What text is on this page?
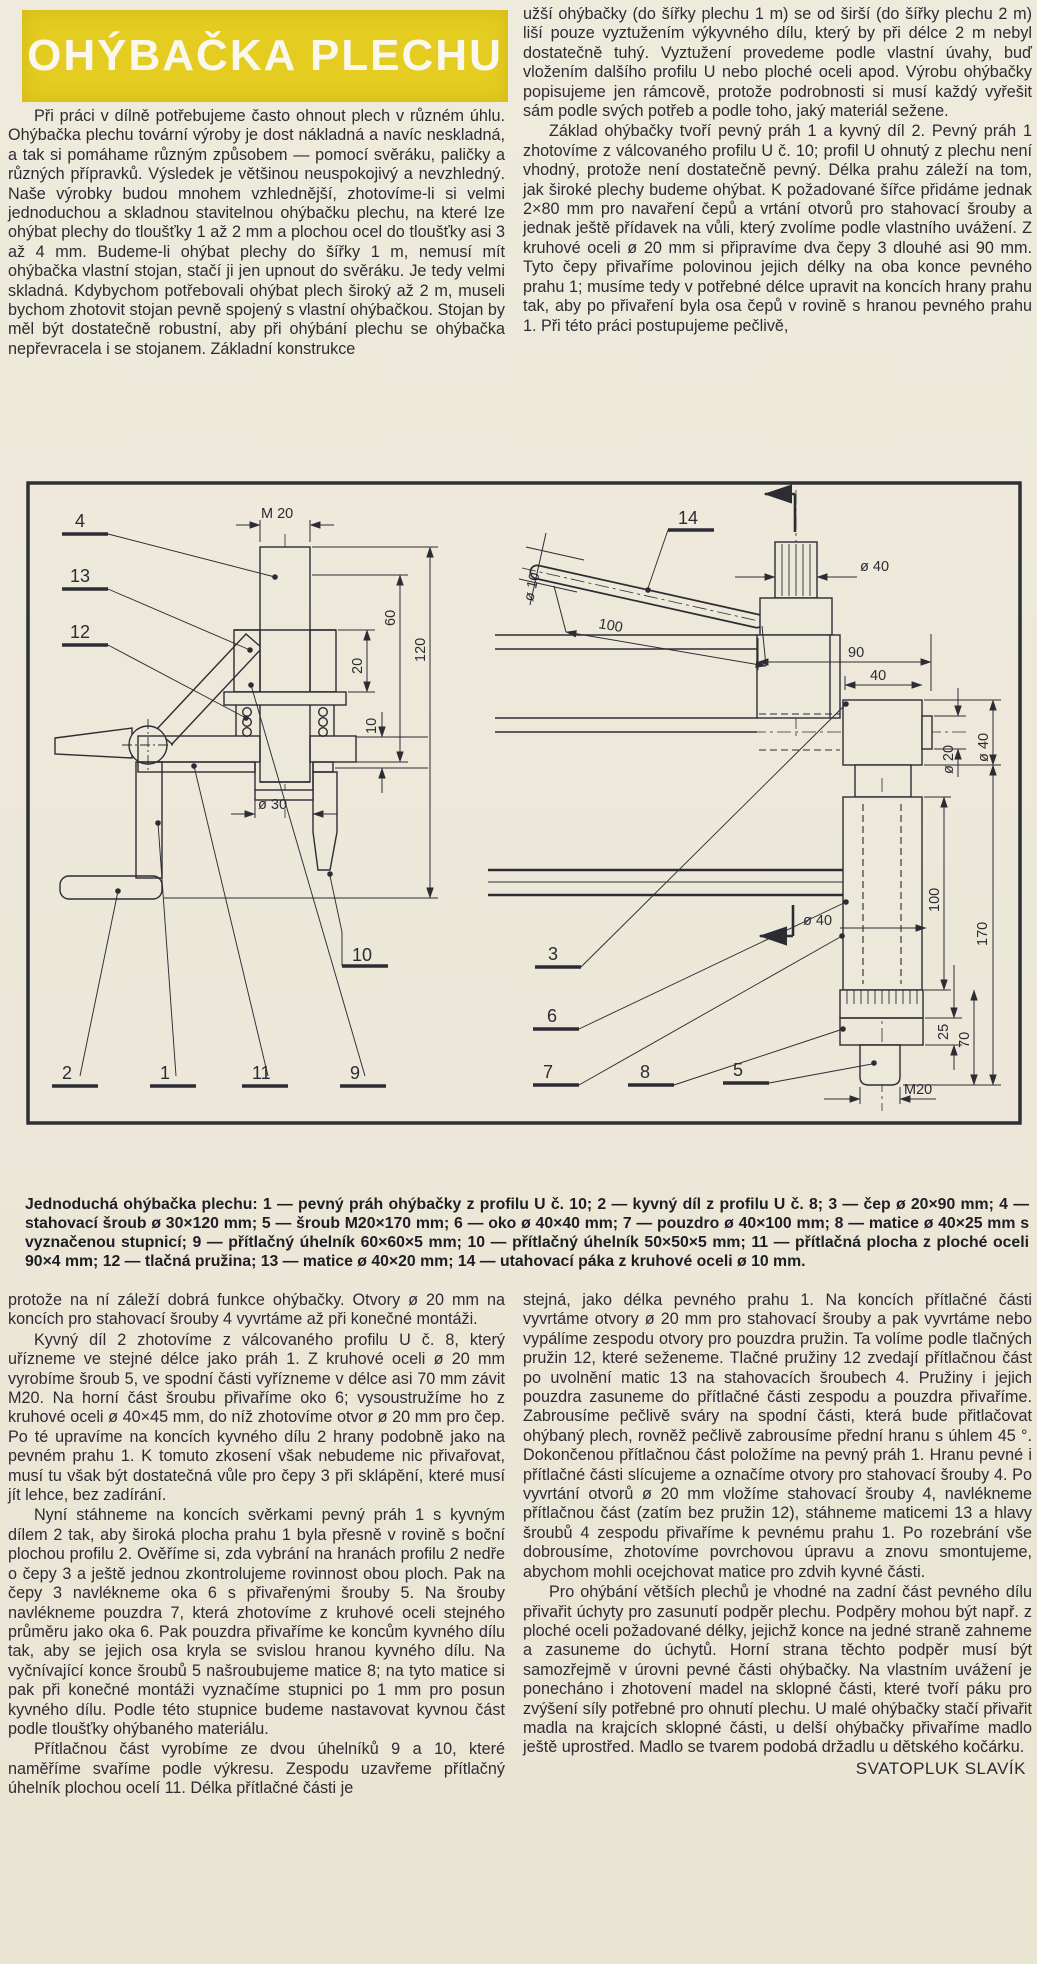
OHÝBAČKA PLECHU

Při práci v dílně potřebujeme často ohnout plech v různém úhlu. Ohýbačka plechu tovární výroby je dost nákladná a navíc neskladná, a tak si pomáhame různým způsobem — pomocí svěráku, paličky a různých přípravků. Výsledek je většinou neuspokojivý a nevzhledný. Naše výrobky budou mnohem vzhlednější, zhotovíme-li si velmi jednoduchou a skladnou stavitelnou ohýbačku plechu, na které lze ohýbat plechy do tloušťky 1 až 2 mm a plochou ocel do tloušťky asi 3 až 4 mm. Budeme-li ohýbat plechy do šířky 1 m, nemusí mít ohýbačka vlastní stojan, stačí ji jen upnout do svěráku. Je tedy velmi skladná. Kdybychom potřebovali ohýbat plech široký až 2 m, museli bychom zhotovit stojan pevně spojený s vlastní ohýbačkou. Stojan by měl být dostatečně robustní, aby při ohýbání plechu se ohýbačka nepřevracela i se stojanem. Základní konstrukce

užší ohýbačky (do šířky plechu 1 m) se od širší (do šířky plechu 2 m) liší pouze vyztužením výkyvného dílu, který by při délce 2 m nebyl dostatečně tuhý. Vyztužení provedeme podle vlastní úvahy, buď vložením dalšího profilu U nebo ploché oceli apod. Výrobu ohýbačky popisujeme jen rámcově, protože podrobnosti si musí každý vyřešit sám podle svých potřeb a podle toho, jaký materiál sežene.

Základ ohýbačky tvoří pevný práh 1 a kyvný díl 2. Pevný práh 1 zhotovíme z válcovaného profilu U č. 10; profil U ohnutý z plechu není vhodný, protože není dostatečně pevný. Délka prahu záleží na tom, jak široké plechy budeme ohýbat. K požadované šířce přidáme jednak 2×80 mm pro navaření čepů a vrtání otvorů pro stahovací šrouby a jednak ještě přídavek na vůli, který zvolíme podle vlastního uvážení. Z kruhové oceli ø 20 mm si připravíme dva čepy 3 dlouhé asi 90 mm. Tyto čepy přivaříme polovinou jejich délky na oba konce pevného prahu 1; musíme tedy v potřebné délce upravit na koncích hrany prahu tak, aby po přivaření byla osa čepů v rovině s hranou pevného prahu 1. Při této práci postupujeme pečlivě,

M 20
ø 30
10
20
60
120
4
13
12
2	1	11	9
10
ø 10
100
ø 40
90
40
ø 20 ø 40
170
ø 40
100
25 70
M20
14
3
6
7	8	5

Jednoduchá ohýbačka plechu: 1 — pevný práh ohýbačky z profilu U č. 10; 2 — kyvný díl z profilu U č. 8; 3 — čep ø 20×90 mm; 4 — stahovací šroub ø 30×120 mm; 5 — šroub M20×170 mm; 6 — oko ø 40×40 mm; 7 — pouzdro ø 40×100 mm; 8 — matice ø 40×25 mm s vyznačenou stupnicí; 9 — přítlačný úhelník 60×60×5 mm; 10 — přítlačný úhelník 50×50×5 mm; 11 — přítlačná plocha z ploché oceli 90×4 mm; 12 — tlačná pružina; 13 — matice ø 40×20 mm; 14 — utahovací páka z kruhové oceli ø 10 mm.

protože na ní záleží dobrá funkce ohýbačky. Otvory ø 20 mm na koncích pro stahovací šrouby 4 vyvrtáme až při konečné montáži.

Kyvný díl 2 zhotovíme z válcovaného profilu U č. 8, který uřízneme ve stejné délce jako práh 1. Z kruhové oceli ø 20 mm vyrobíme šroub 5, ve spodní části vyřízneme v délce asi 70 mm závit M20. Na horní část šroubu přivaříme oko 6; vysoustružíme ho z kruhové oceli ø 40×45 mm, do níž zhotovíme otvor ø 20 mm pro čep. Po té upravíme na koncích kyvného dílu 2 hrany podobně jako na pevném prahu 1. K tomuto zkosení však nebudeme nic přivařovat, musí tu však být dostatečná vůle pro čepy 3 při sklápění, které musí jít lehce, bez zadírání.

Nyní stáhneme na koncích svěrkami pevný práh 1 s kyvným dílem 2 tak, aby široká plocha prahu 1 byla přesně v rovině s boční plochou profilu 2. Ověříme si, zda vybrání na hranách profilu 2 nedře o čepy 3 a ještě jednou zkontrolujeme rovinnost obou ploch. Pak na čepy 3 navlékneme oka 6 s přivařenými šrouby 5. Na šrouby navlékneme pouzdra 7, která zhotovíme z kruhové oceli stejného průměru jako oka 6. Pak pouzdra přivaříme ke koncům kyvného dílu tak, aby se jejich osa kryla se svislou hranou kyvného dílu. Na vyčnívající konce šroubů 5 našroubujeme matice 8; na tyto matice si pak při konečné montáži vyznačíme stupnici po 1 mm pro posun kyvného dílu. Podle této stupnice budeme nastavovat kyvnou část podle tloušťky ohýbaného materiálu.

Přítlačnou část vyrobíme ze dvou úhelníků 9 a 10, které naměříme svaříme podle výkresu. Zespodu uzavřeme přítlačný úhelník plochou ocelí 11. Délka přítlačné části je

stejná, jako délka pevného prahu 1. Na koncích přítlačné části vyvrtáme otvory ø 20 mm pro stahovací šrouby a pak vyvrtáme nebo vypálíme zespodu otvory pro pouzdra pružin. Ta volíme podle tlačných pružin 12, které seženeme. Tlačné pružiny 12 zvedají přítlačnou část po uvolnění matic 13 na stahovacích šroubech 4. Pružiny i jejich pouzdra zasuneme do přítlačné části zespodu a pouzdra přivaříme. Zabrousíme pečlivě sváry na spodní části, která bude přitlačovat ohýbaný plech, rovněž pečlivě zabrousíme přední hranu s úhlem 45 °. Dokončenou přítlačnou část položíme na pevný práh 1. Hranu pevné i přítlačné části slícujeme a označíme otvory pro stahovací šrouby 4. Po vyvrtání otvorů ø 20 mm vložíme stahovací šrouby 4, navlékneme přítlačnou část (zatím bez pružin 12), stáhneme maticemi 13 a hlavy šroubů 4 zespodu přivaříme k pevnému prahu 1. Po rozebrání vše dobrousíme, zhotovíme povrchovou úpravu a znovu smontujeme, abychom mohli ocejchovat matice pro zdvih kyvné části.

Pro ohýbání větších plechů je vhodné na zadní část pevného dílu přivařit úchyty pro zasunutí podpěr plechu. Podpěry mohou být např. z ploché oceli požadované délky, jejichž konce na jedné straně zahneme a zasuneme do úchytů. Horní strana těchto podpěr musí být samozřejmě v úrovni pevné části ohýbačky. Na vlastním uvážení je ponecháno i zhotovení madel na sklopné části, které tvoří páku pro zvýšení síly potřebné pro ohnutí plechu. U malé ohýbačky stačí přivařit madla na krajcích sklopné části, u delší ohýbačky přivaříme madlo ještě uprostřed. Madlo se tvarem podobá držadlu u dětského kočárku.

SVATOPLUK SLAVÍK
